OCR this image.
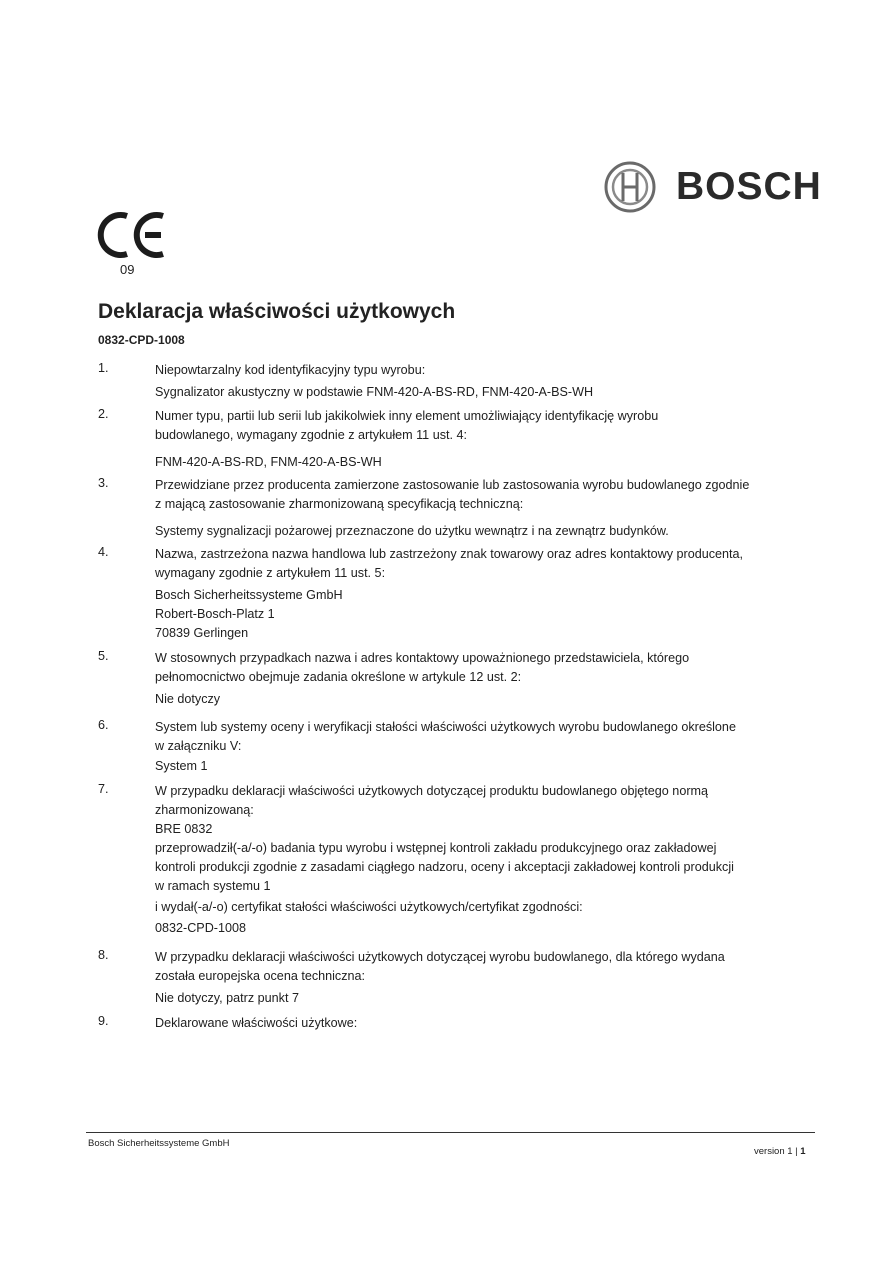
BOSCH
09
Deklaracja właściwości użytkowych
0832-CPD-1008
1.	Niepowtarzalny kod identyfikacyjny typu wyrobu:
Sygnalizator akustyczny w podstawie FNM-420-A-BS-RD, FNM-420-A-BS-WH
2.	Numer typu, partii lub serii lub jakikolwiek inny element umożliwiający identyfikację wyrobu
budowlanego, wymagany zgodnie z artykułem 11 ust. 4:
FNM-420-A-BS-RD, FNM-420-A-BS-WH
3.	Przewidziane przez producenta zamierzone zastosowanie lub zastosowania wyrobu budowlanego zgodnie
z mającą zastosowanie zharmonizowaną specyfikacją techniczną:
Systemy sygnalizacji pożarowej przeznaczone do użytku wewnątrz i na zewnątrz budynków.
4.	Nazwa, zastrzeżona nazwa handlowa lub zastrzeżony znak towarowy oraz adres kontaktowy producenta,
wymagany zgodnie z artykułem 11 ust. 5:
Bosch Sicherheitssysteme GmbH
Robert-Bosch-Platz 1
70839 Gerlingen
5.	W stosownych przypadkach nazwa i adres kontaktowy upoważnionego przedstawiciela, którego
pełnomocnictwo obejmuje zadania określone w artykule 12 ust. 2:
Nie dotyczy
6.	System lub systemy oceny i weryfikacji stałości właściwości użytkowych wyrobu budowlanego określone
w załączniku V:
System 1
7.	W przypadku deklaracji właściwości użytkowych dotyczącej produktu budowlanego objętego normą
zharmonizowaną:
BRE 0832
przeprowadził(-a/-o) badania typu wyrobu i wstępnej kontroli zakładu produkcyjnego oraz zakładowej
kontroli produkcji zgodnie z zasadami ciągłego nadzoru, oceny i akceptacji zakładowej kontroli produkcji
w ramach systemu 1
i wydał(-a/-o) certyfikat stałości właściwości użytkowych/certyfikat zgodności:
0832-CPD-1008
8.	W przypadku deklaracji właściwości użytkowych dotyczącej wyrobu budowlanego, dla którego wydana
została europejska ocena techniczna:
Nie dotyczy, patrz punkt 7
9.	Deklarowane właściwości użytkowe:
Bosch Sicherheitssysteme GmbH
version 1 | 1
